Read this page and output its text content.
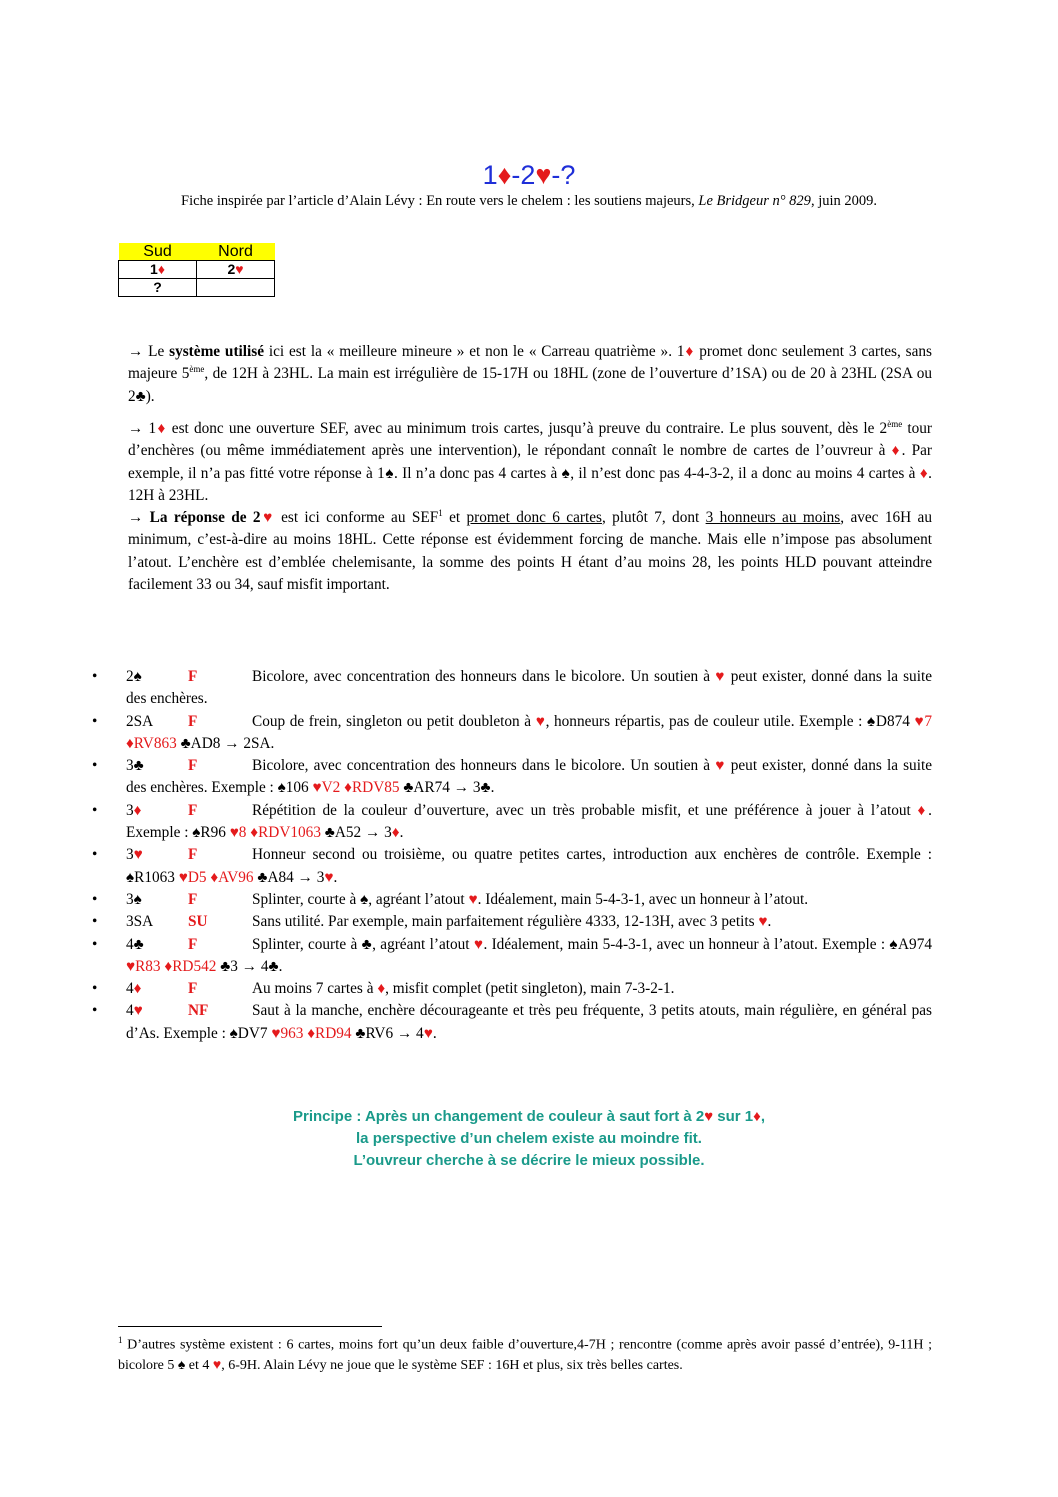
1♦-2♥-?
Fiche inspirée par l’article d’Alain Lévy : En route vers le chelem : les soutiens majeurs, Le Bridgeur n° 829, juin 2009.
Sud	Nord
1♦	2♥
?	
→ Le système utilisé ici est la « meilleure mineure » et non le « Carreau quatrième ». 1♦ promet donc seulement 3 cartes, sans majeure 5ème, de 12H à 23HL. La main est irrégulière de 15-17H ou 18HL (zone de l’ouverture d’1SA) ou de 20 à 23HL (2SA ou 2♣).
→ 1♦ est donc une ouverture SEF, avec au minimum trois cartes, jusqu’à preuve du contraire. Le plus souvent, dès le 2ème tour d’enchères (ou même immédiatement après une intervention), le répondant connaît le nombre de cartes de l’ouvreur à ♦. Par exemple, il n’a pas fitté votre réponse à 1♠. Il n’a donc pas 4 cartes à ♠, il n’est donc pas 4-4-3-2, il a donc au moins 4 cartes à ♦. 12H à 23HL.
→ La réponse de 2♥ est ici conforme au SEF$^1$ et promet donc 6 cartes, plutôt 7, dont 3 honneurs au moins, avec 16H au minimum, c’est-à-dire au moins 18HL. Cette réponse est évidemment forcing de manche. Mais elle n’impose pas absolument l’atout. L’enchère est d’emblée chelemisante, la somme des points H étant d’au moins 28, les points HLD pouvant atteindre facilement 33 ou 34, sauf misfit important.
• 2♠	F	Bicolore, avec concentration des honneurs dans le bicolore. Un soutien à ♥ peut exister, donné dans la suite des enchères.
• 2SA F	Coup de frein, singleton ou petit doubleton à ♥, honneurs répartis, pas de couleur utile. Exemple : ♠D874 ♥7 ♦RV863 ♣AD8 → 2SA.
• 3♣	F	Bicolore, avec concentration des honneurs dans le bicolore. Un soutien à ♥ peut exister, donné dans la suite des enchères. Exemple : ♠106 ♥V2 ♦RDV85 ♣AR74 → 3♣.
• 3♦	F	Répétition de la couleur d’ouverture, avec un très probable misfit, et une préférence à jouer à l’atout ♦. Exemple : ♠R96 ♥8 ♦RDV1063 ♣A52 → 3♦.
• 3♥	F	Honneur second ou troisième, ou quatre petites cartes, introduction aux enchères de contrôle. Exemple : ♠R1063 ♥D5 ♦AV96 ♣A84 → 3♥.
• 3♠	F	Splinter, courte à ♠, agréant l’atout ♥. Idéalement, main 5-4-3-1, avec un honneur à l’atout.
• 3SA SU	Sans utilité. Par exemple, main parfaitement régulière 4333, 12-13H, avec 3 petits ♥.
• 4♣	F	Splinter, courte à ♣, agréant l’atout ♥. Idéalement, main 5-4-3-1, avec un honneur à l’atout. Exemple : ♠A974 ♥R83 ♦RD542 ♣3 → 4♣.
• 4♦	F	Au moins 7 cartes à ♦, misfit complet (petit singleton), main 7-3-2-1.
• 4♥	NF	Saut à la manche, enchère décourageante et très peu fréquente, 3 petits atouts, main régulière, en général pas d’As. Exemple : ♠DV7 ♥963 ♦RD94 ♣RV6 → 4♥.
Principe : Après un changement de couleur à saut fort à 2♥ sur 1♦,
la perspective d’un chelem existe au moindre fit.
L’ouvreur cherche à se décrire le mieux possible.
$^1$ D’autres système existent : 6 cartes, moins fort qu’un deux faible d’ouverture,4-7H ; rencontre (comme après avoir passé d’entrée), 9-11H ; bicolore 5 ♠ et 4 ♥, 6-9H. Alain Lévy ne joue que le système SEF : 16H et plus, six très belles cartes.
